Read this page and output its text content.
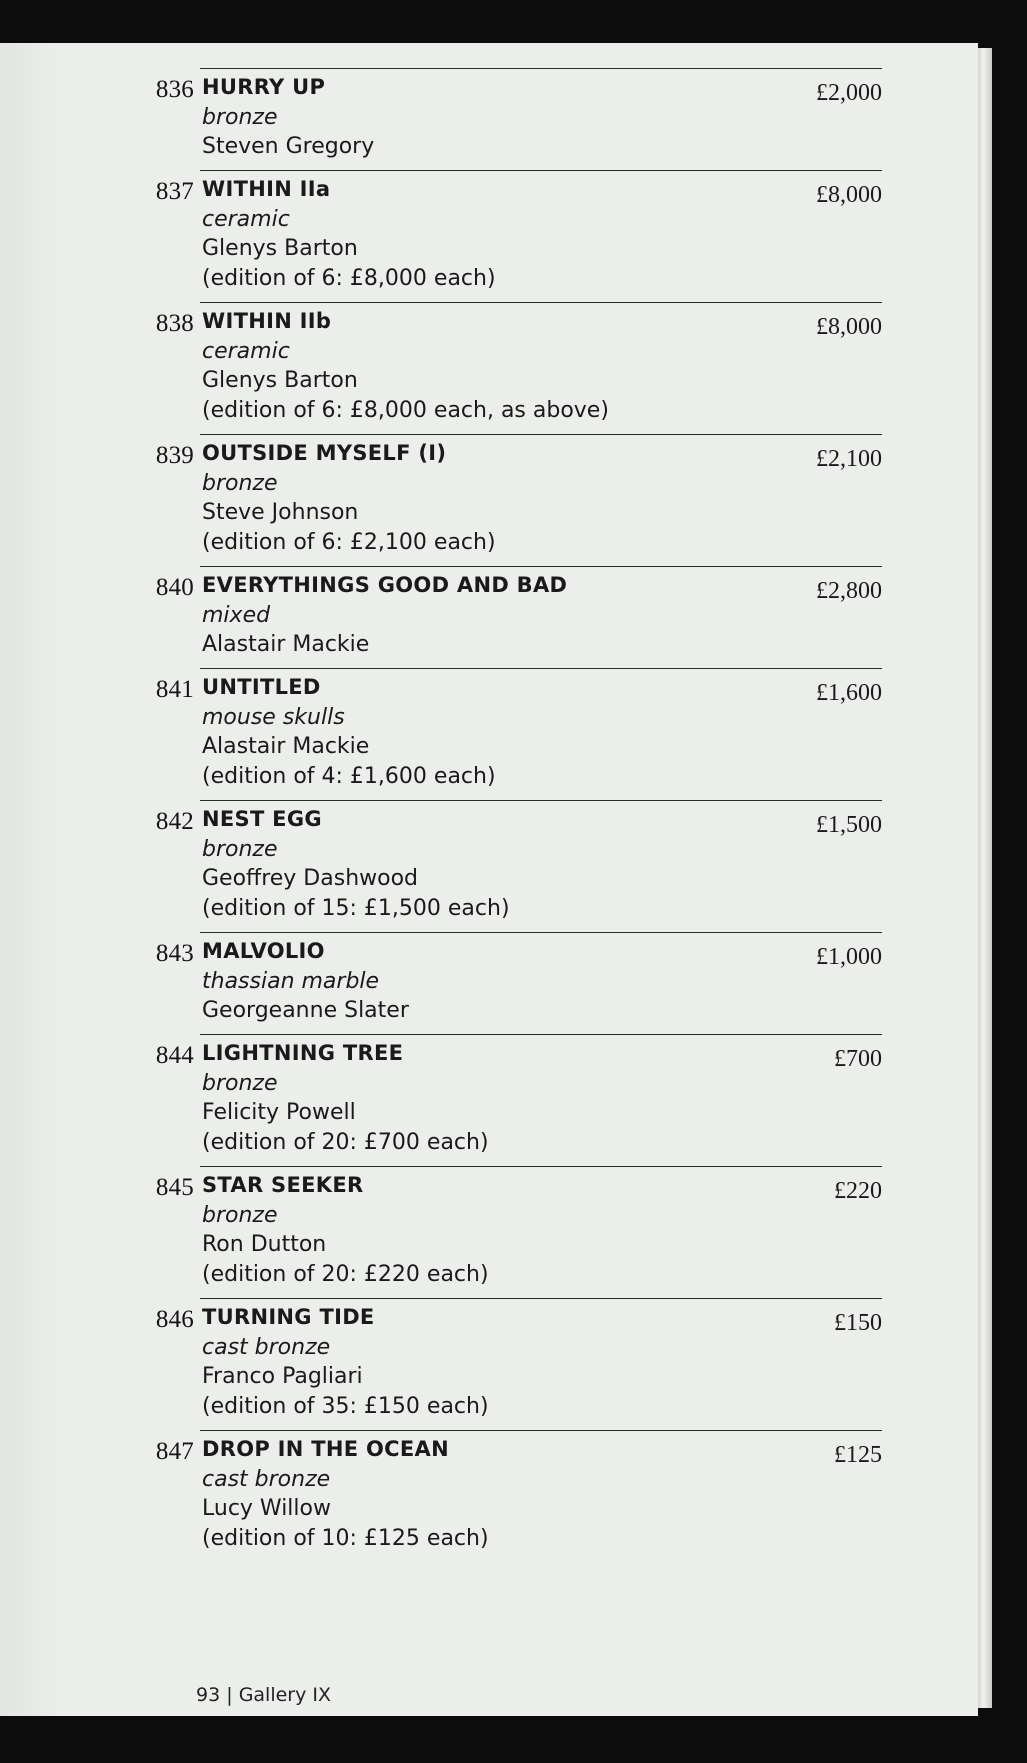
836 HURRY UP
bronze
Steven Gregory
£2,000
837 WITHIN IIa
ceramic
Glenys Barton
(edition of 6: £8,000 each)
£8,000
838 WITHIN IIb
ceramic
Glenys Barton
(edition of 6: £8,000 each, as above)
£8,000
839 OUTSIDE MYSELF (I)
bronze
Steve Johnson
(edition of 6: £2,100 each)
£2,100
840 EVERYTHINGS GOOD AND BAD
mixed
Alastair Mackie
£2,800
841 UNTITLED
mouse skulls
Alastair Mackie
(edition of 4: £1,600 each)
£1,600
842 NEST EGG
bronze
Geoffrey Dashwood
(edition of 15: £1,500 each)
£1,500
843 MALVOLIO
thassian marble
Georgeanne Slater
£1,000
844 LIGHTNING TREE
bronze
Felicity Powell
(edition of 20: £700 each)
£700
845 STAR SEEKER
bronze
Ron Dutton
(edition of 20: £220 each)
£220
846 TURNING TIDE
cast bronze
Franco Pagliari
(edition of 35: £150 each)
£150
847 DROP IN THE OCEAN
cast bronze
Lucy Willow
(edition of 10: £125 each)
£125
93 | Gallery IX
